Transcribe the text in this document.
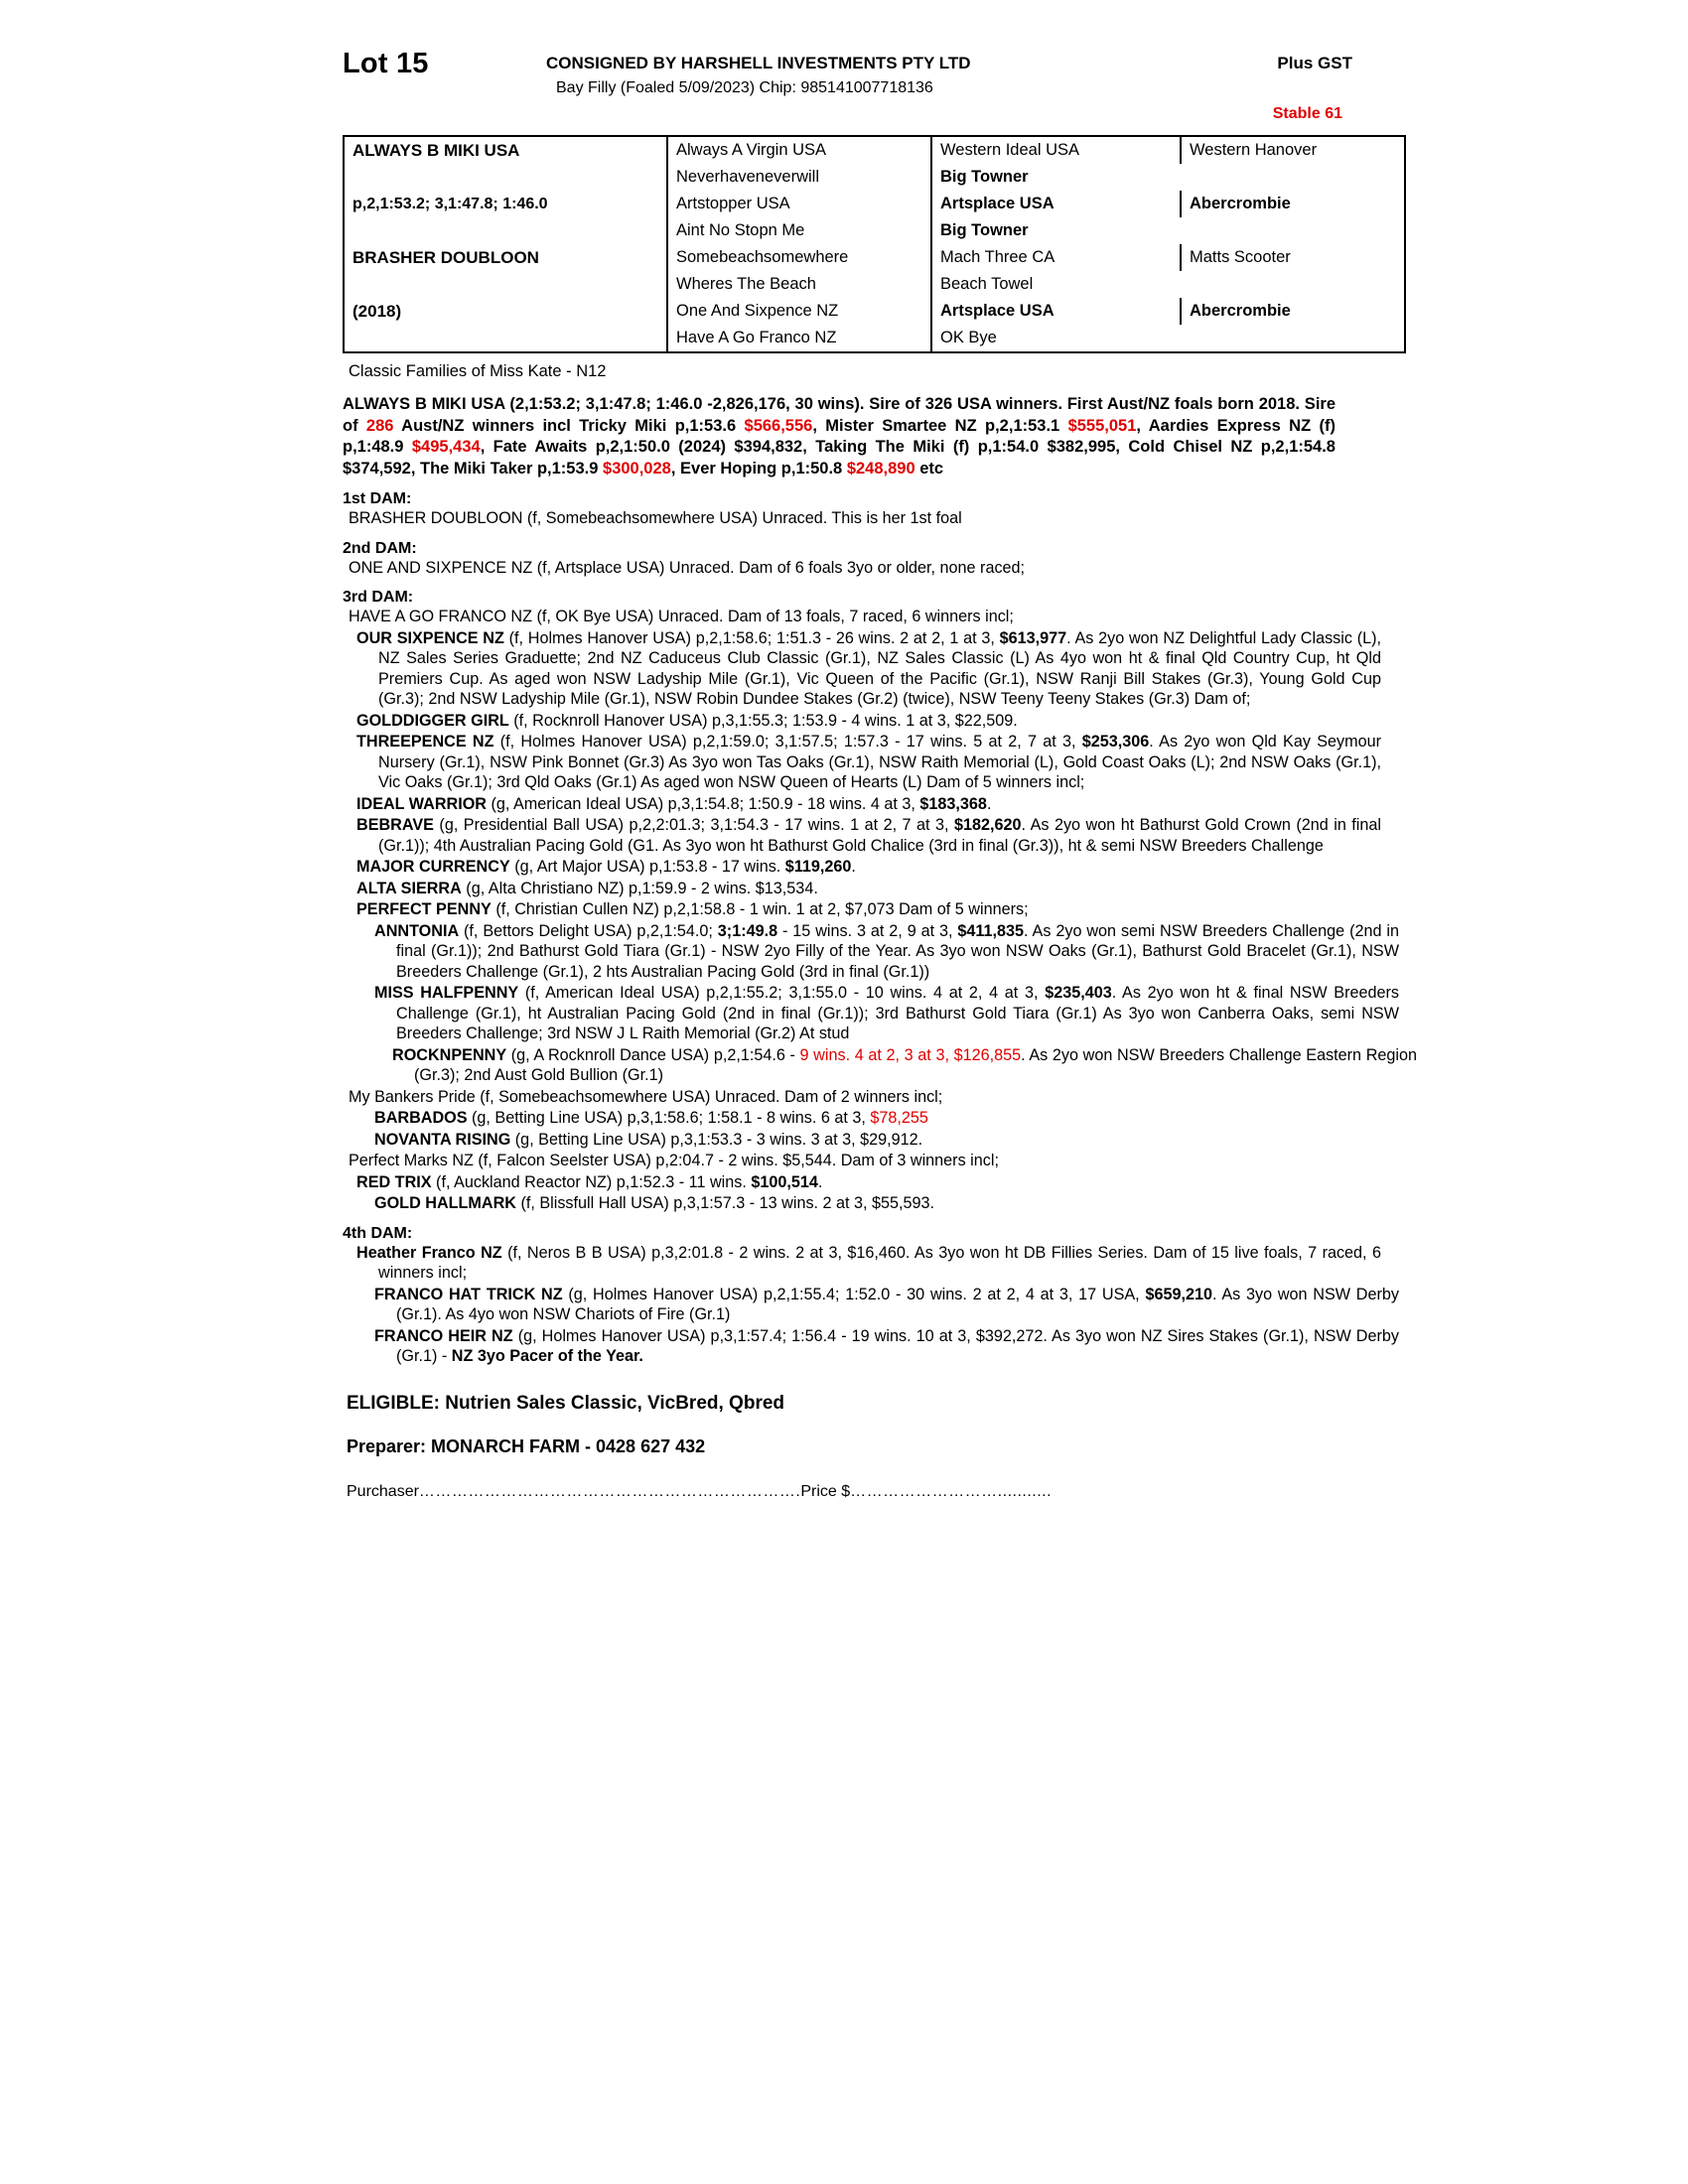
Lot 15	CONSIGNED BY HARSHELL INVESTMENTS PTY LTD	Plus GST
Bay Filly (Foaled 5/09/2023) Chip: 985141007718136
Stable 61
ALWAYS B MIKI USA	Always A Virgin USA	Western Ideal USA	Western Hanover
	Neverhaveneverwill	Big Towner	

p,2,1:53.2; 3,1:47.8; 1:46.0	Artstopper USA	Artsplace USA	Abercrombie
	Aint No Stopn Me	Big Towner	

BRASHER DOUBLOON	Somebeachsomewhere	Mach Three CA	Matts Scooter
	Wheres The Beach	Beach Towel	

(2018)	One And Sixpence NZ	Artsplace USA	Abercrombie
	Have A Go Franco NZ	OK Bye	
Classic Families of Miss Kate - N12
ALWAYS B MIKI USA (2,1:53.2; 3,1:47.8; 1:46.0 -2,826,176, 30 wins). Sire of 326 USA winners. First Aust/NZ foals born 2018. Sire of 286 Aust/NZ winners incl Tricky Miki p,1:53.6 $566,556, Mister Smartee NZ p,2,1:53.1 $555,051, Aardies Express NZ (f) p,1:48.9 $495,434, Fate Awaits p,2,1:50.0 (2024) $394,832, Taking The Miki (f) p,1:54.0 $382,995, Cold Chisel NZ p,2,1:54.8 $374,592, The Miki Taker p,1:53.9 $300,028, Ever Hoping p,1:50.8 $248,890 etc
1st DAM:
BRASHER DOUBLOON (f, Somebeachsomewhere USA) Unraced. This is her 1st foal
2nd DAM:
ONE AND SIXPENCE NZ (f, Artsplace USA) Unraced. Dam of 6 foals 3yo or older, none raced;
3rd DAM:
HAVE A GO FRANCO NZ (f, OK Bye USA) Unraced. Dam of 13 foals, 7 raced, 6 winners incl;
OUR SIXPENCE NZ (f, Holmes Hanover USA) p,2,1:58.6; 1:51.3 - 26 wins. 2 at 2, 1 at 3, $613,977. As 2yo won NZ Delightful Lady Classic (L), NZ Sales Series Graduette; 2nd NZ Caduceus Club Classic (Gr.1), NZ Sales Classic (L) As 4yo won ht & final Qld Country Cup, ht Qld Premiers Cup. As aged won NSW Ladyship Mile (Gr.1), Vic Queen of the Pacific (Gr.1), NSW Ranji Bill Stakes (Gr.3), Young Gold Cup (Gr.3); 2nd NSW Ladyship Mile (Gr.1), NSW Robin Dundee Stakes (Gr.2) (twice), NSW Teeny Teeny Stakes (Gr.3) Dam of;
GOLDDIGGER GIRL (f, Rocknroll Hanover USA) p,3,1:55.3; 1:53.9 - 4 wins. 1 at 3, $22,509.
THREEPENCE NZ (f, Holmes Hanover USA) p,2,1:59.0; 3,1:57.5; 1:57.3 - 17 wins. 5 at 2, 7 at 3, $253,306. As 2yo won Qld Kay Seymour Nursery (Gr.1), NSW Pink Bonnet (Gr.3) As 3yo won Tas Oaks (Gr.1), NSW Raith Memorial (L), Gold Coast Oaks (L); 2nd NSW Oaks (Gr.1), Vic Oaks (Gr.1); 3rd Qld Oaks (Gr.1) As aged won NSW Queen of Hearts (L) Dam of 5 winners incl;
IDEAL WARRIOR (g, American Ideal USA) p,3,1:54.8; 1:50.9 - 18 wins. 4 at 3, $183,368.
BEBRAVE (g, Presidential Ball USA) p,2,2:01.3; 3,1:54.3 - 17 wins. 1 at 2, 7 at 3, $182,620. As 2yo won ht Bathurst Gold Crown (2nd in final (Gr.1)); 4th Australian Pacing Gold (G1. As 3yo won ht Bathurst Gold Chalice (3rd in final (Gr.3)), ht & semi NSW Breeders Challenge
MAJOR CURRENCY (g, Art Major USA) p,1:53.8 - 17 wins. $119,260.
ALTA SIERRA (g, Alta Christiano NZ) p,1:59.9 - 2 wins. $13,534.
PERFECT PENNY (f, Christian Cullen NZ) p,2,1:58.8 - 1 win. 1 at 2, $7,073 Dam of 5 winners;
ANNTONIA (f, Bettors Delight USA) p,2,1:54.0; 3;1:49.8 - 15 wins. 3 at 2, 9 at 3, $411,835. As 2yo won semi NSW Breeders Challenge (2nd in final (Gr.1)); 2nd Bathurst Gold Tiara (Gr.1) - NSW 2yo Filly of the Year. As 3yo won NSW Oaks (Gr.1), Bathurst Gold Bracelet (Gr.1), NSW Breeders Challenge (Gr.1), 2 hts Australian Pacing Gold (3rd in final (Gr.1))
MISS HALFPENNY (f, American Ideal USA) p,2,1:55.2; 3,1:55.0 - 10 wins. 4 at 2, 4 at 3, $235,403. As 2yo won ht & final NSW Breeders Challenge (Gr.1), ht Australian Pacing Gold (2nd in final (Gr.1)); 3rd Bathurst Gold Tiara (Gr.1) As 3yo won Canberra Oaks, semi NSW Breeders Challenge; 3rd NSW J L Raith Memorial (Gr.2) At stud
ROCKNPENNY (g, A Rocknroll Dance USA) p,2,1:54.6 - 9 wins. 4 at 2, 3 at 3, $126,855. As 2yo won NSW Breeders Challenge Eastern Region (Gr.3); 2nd Aust Gold Bullion (Gr.1)
My Bankers Pride (f, Somebeachsomewhere USA) Unraced. Dam of 2 winners incl;
BARBADOS (g, Betting Line USA) p,3,1:58.6; 1:58.1 - 8 wins. 6 at 3, $78,255
NOVANTA RISING (g, Betting Line USA) p,3,1:53.3 - 3 wins. 3 at 3, $29,912.
Perfect Marks NZ (f, Falcon Seelster USA) p,2:04.7 - 2 wins. $5,544. Dam of 3 winners incl;
RED TRIX (f, Auckland Reactor NZ) p,1:52.3 - 11 wins. $100,514.
GOLD HALLMARK (f, Blissfull Hall USA) p,3,1:57.3 - 13 wins. 2 at 3, $55,593.
4th DAM:
Heather Franco NZ (f, Neros B B USA) p,3,2:01.8 - 2 wins. 2 at 3, $16,460. As 3yo won ht DB Fillies Series. Dam of 15 live foals, 7 raced, 6 winners incl;
FRANCO HAT TRICK NZ (g, Holmes Hanover USA) p,2,1:55.4; 1:52.0 - 30 wins. 2 at 2, 4 at 3, 17 USA, $659,210. As 3yo won NSW Derby (Gr.1). As 4yo won NSW Chariots of Fire (Gr.1)
FRANCO HEIR NZ (g, Holmes Hanover USA) p,3,1:57.4; 1:56.4 - 19 wins. 10 at 3, $392,272. As 3yo won NZ Sires Stakes (Gr.1), NSW Derby (Gr.1) - NZ 3yo Pacer of the Year.
ELIGIBLE: Nutrien Sales Classic, VicBred, Qbred
Preparer: MONARCH FARM - 0428 627 432
Purchaser…………………………………………………………….Price $………………………...........
